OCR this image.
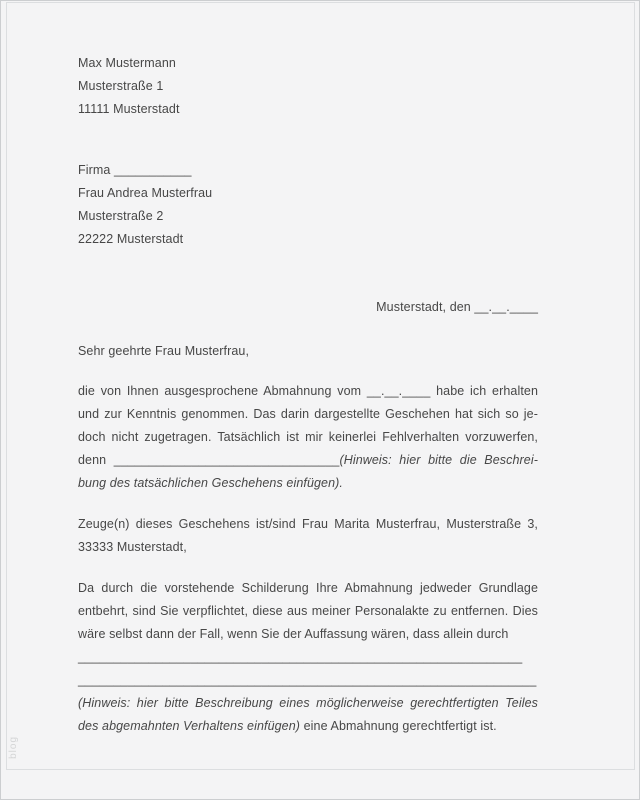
blog
Max Mustermann
Musterstraße 1
11111 Musterstadt
Firma ___________
Frau Andrea Musterfrau
Musterstraße 2
22222 Musterstadt
Musterstadt, den __.__.____
Sehr geehrte Frau Musterfrau,
die von Ihnen ausgesprochene Abmahnung vom __.__.____ habe ich erhalten
und zur Kenntnis genommen. Das darin dargestellte Geschehen hat sich so je-
doch nicht zugetragen. Tatsächlich ist mir keinerlei Fehlverhalten vorzuwerfen,
denn ________________________________(Hinweis: hier bitte die Beschrei-
bung des tatsächlichen Geschehens einfügen).
Zeuge(n) dieses Geschehens ist/sind Frau Marita Musterfrau, Musterstraße 3,
33333 Musterstadt,
Da durch die vorstehende Schilderung Ihre Abmahnung jedweder Grundlage
entbehrt, sind Sie verpflichtet, diese aus meiner Personalakte zu entfernen. Dies
wäre selbst dann der Fall, wenn Sie der Auffassung wären, dass allein durch
_______________________________________________________________
_________________________________________________________________
(Hinweis: hier bitte Beschreibung eines möglicherweise gerechtfertigten Teiles
des abgemahnten Verhaltens einfügen) eine Abmahnung gerechtfertigt ist.
